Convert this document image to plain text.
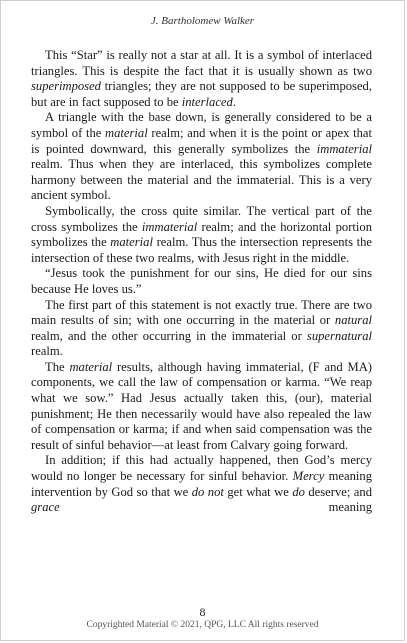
J. Bartholomew Walker

This “Star” is really not a star at all. It is a symbol of interlaced triangles. This is despite the fact that it is usually shown as two superimposed triangles; they are not supposed to be superimposed, but are in fact supposed to be interlaced.

A triangle with the base down, is generally considered to be a symbol of the material realm; and when it is the point or apex that is pointed downward, this generally symbolizes the immaterial realm. Thus when they are interlaced, this symbolizes complete harmony between the material and the immaterial. This is a very ancient symbol.

Symbolically, the cross quite similar. The vertical part of the cross symbolizes the immaterial realm; and the horizontal portion symbolizes the material realm. Thus the intersection represents the intersection of these two realms, with Jesus right in the middle.

“Jesus took the punishment for our sins, He died for our sins because He loves us.”

The first part of this statement is not exactly true. There are two main results of sin; with one occurring in the material or natural realm, and the other occurring in the immaterial or supernatural realm.

The material results, although having immaterial, (F and MA) components, we call the law of compensation or karma. “We reap what we sow.” Had Jesus actually taken this, (our), material punishment; He then necessarily would have also repealed the law of compensation or karma; if and when said compensation was the result of sinful behavior—at least from Calvary going forward.

In addition; if this had actually happened, then God’s mercy would no longer be necessary for sinful behavior. Mercy meaning intervention by God so that we do not get what we do deserve; and grace meaning

8
Copyrighted Material © 2021, QPG, LLC All rights reserved
